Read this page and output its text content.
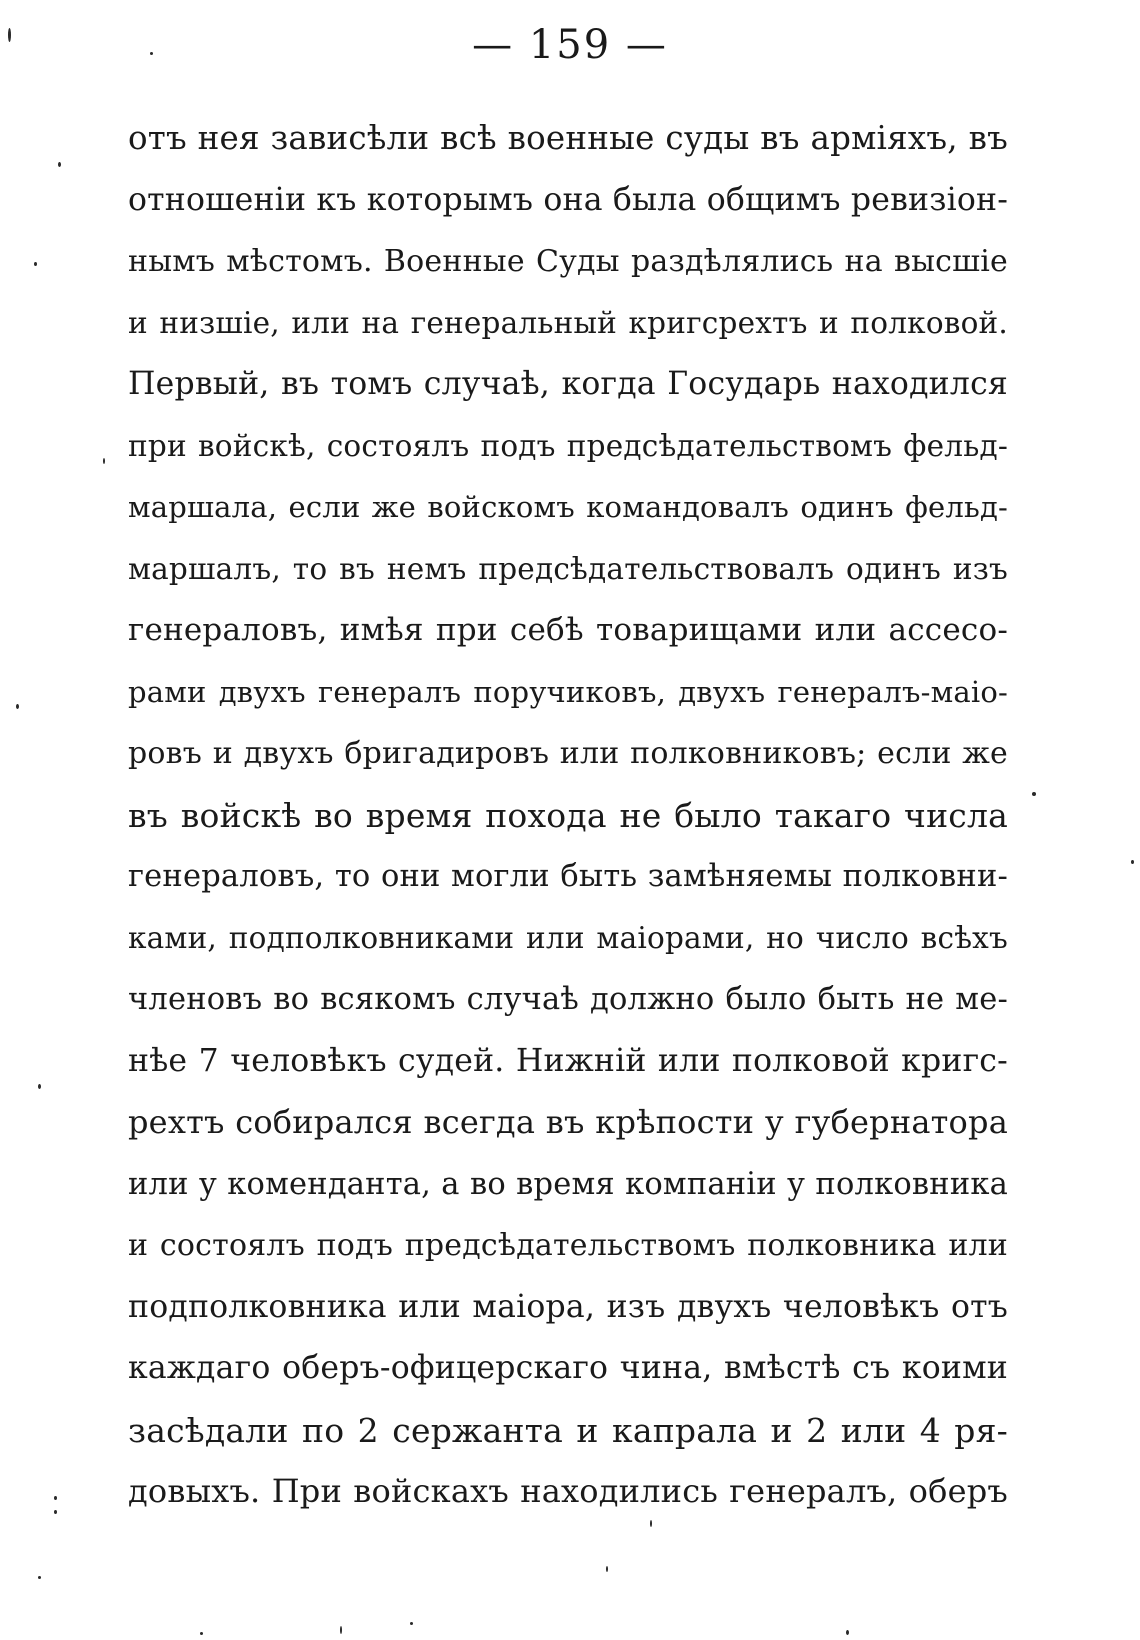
— 159 —
отъ нея зависѣли всѣ военные суды въ арміяхъ, въ
отношеніи къ которымъ она была общимъ ревизіон-
нымъ мѣстомъ. Военные Суды раздѣлялись на высшіе
и низшіе, или на генеральный кригсрехтъ и полковой.
Первый, въ томъ случаѣ, когда Государь находился
при войскѣ, состоялъ подъ предсѣдательствомъ фельд-
маршала, если же войскомъ командовалъ одинъ фельд-
маршалъ, то въ немъ предсѣдательствовалъ одинъ изъ
генераловъ, имѣя при себѣ товарищами или ассесо-
рами двухъ генералъ поручиковъ, двухъ генералъ-маіо-
ровъ и двухъ бригадировъ или полковниковъ; если же
въ войскѣ во время похода не было такаго числа
генераловъ, то они могли быть замѣняемы полковни-
ками, подполковниками или маіорами, но число всѣхъ
членовъ во всякомъ случаѣ должно было быть не ме-
нѣе 7 человѣкъ судей. Нижній или полковой кригс-
рехтъ собирался всегда въ крѣпости у губернатора
или у коменданта, а во время компаніи у полковника
и состоялъ подъ предсѣдательствомъ полковника или
подполковника или маіора, изъ двухъ человѣкъ отъ
каждаго оберъ-офицерскаго чина, вмѣстѣ съ коими
засѣдали по 2 сержанта и капрала и 2 или 4 ря-
довыхъ. При войскахъ находились генералъ, оберъ
